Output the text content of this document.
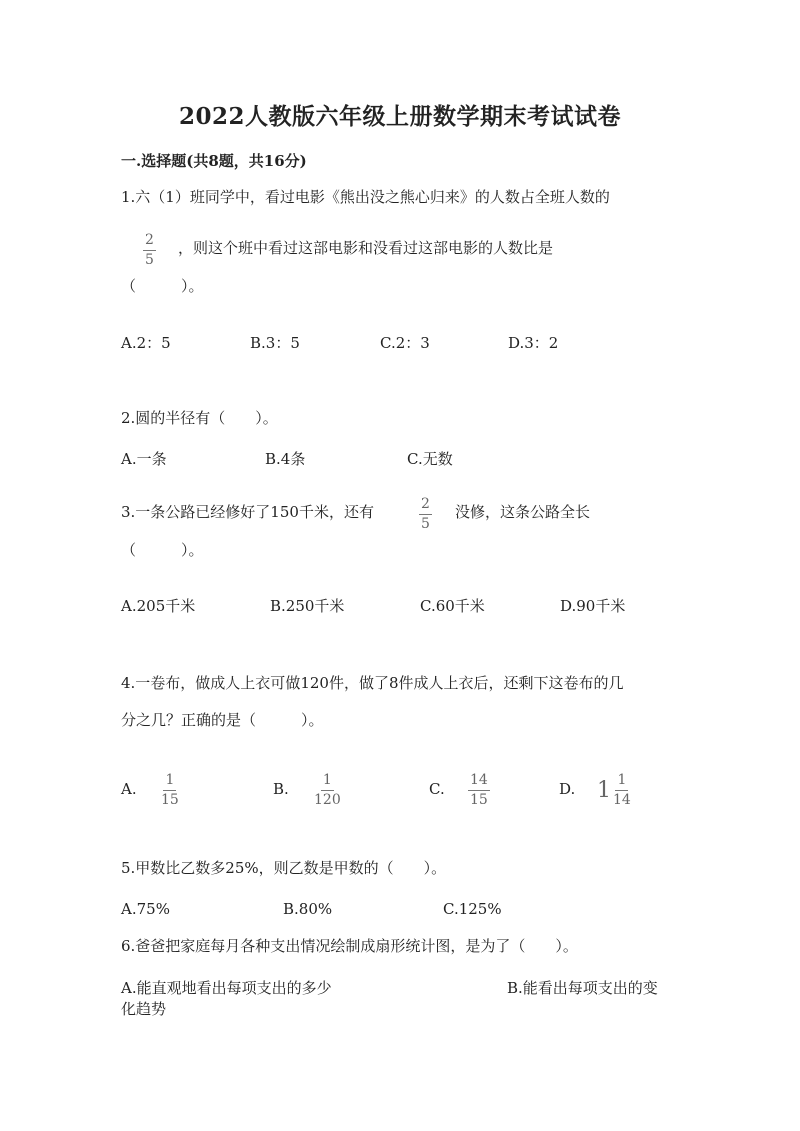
2022人教版六年级上册数学期末考试试卷
一.选择题(共8题，共16分)
1.六（1）班同学中，看过电影《熊出没之熊心归来》的人数占全班人数的
$\frac{2}{5}$ ，则这个班中看过这部电影和没看过这部电影的人数比是
（　　　）。
A.2：5	B.3：5	C.2：3	D.3：2
2.圆的半径有（　　）。
A.一条	B.4条	C.无数
3.一条公路已经修好了150千米，还有	$\frac{2}{5}$ 没修，这条公路全长
（　　　）。
A.205千米	B.250千米	C.60千米	D.90千米
4.一卷布，做成人上衣可做120件，做了8件成人上衣后，还剩下这卷布的几
分之几？正确的是（　　　）。
A. $\frac{1}{15}$	B. $\frac{1}{120}$	C. $\frac{14}{15}$	D. $1 \frac{1}{14}$
5.甲数比乙数多25%，则乙数是甲数的（　　）。
A.75%	B.80%	C.125%
6.爸爸把家庭每月各种支出情况绘制成扇形统计图，是为了（　　）。
A.能直观地看出每项支出的多少	B.能看出每项支出的变
化趋势
